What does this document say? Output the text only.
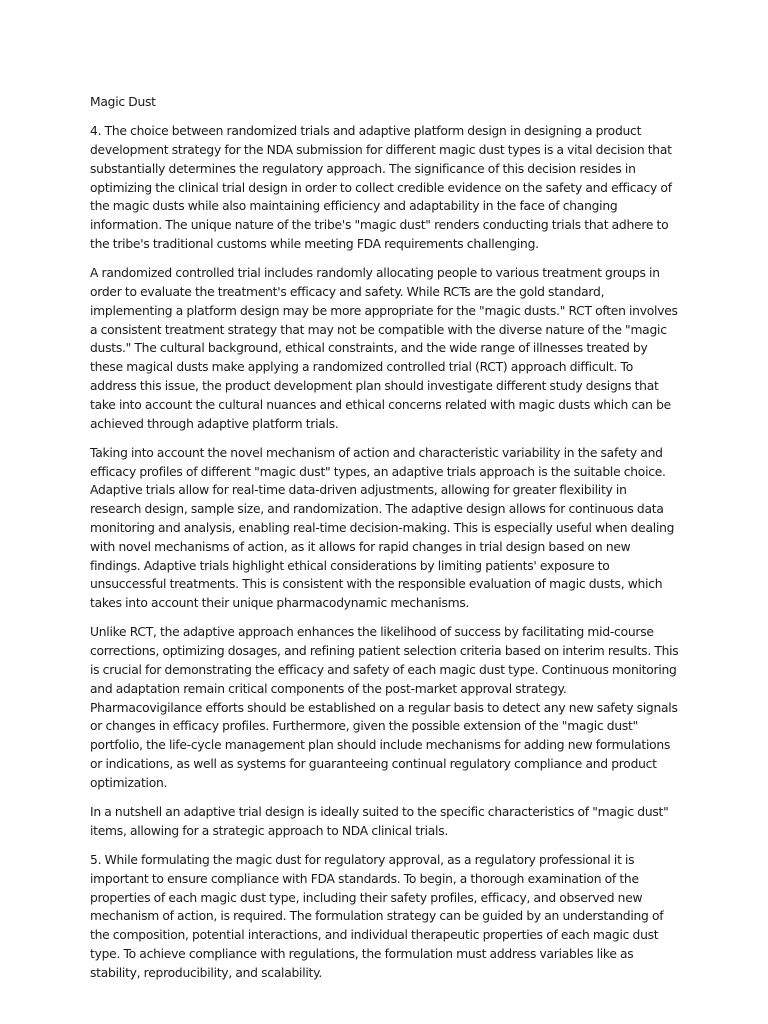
Magic Dust

4. The choice between randomized trials and adaptive platform design in designing a product development strategy for the NDA submission for different magic dust types is a vital decision that substantially determines the regulatory approach. The significance of this decision resides in optimizing the clinical trial design in order to collect credible evidence on the safety and efficacy of the magic dusts while also maintaining efficiency and adaptability in the face of changing information. The unique nature of the tribe's "magic dust" renders conducting trials that adhere to the tribe's traditional customs while meeting FDA requirements challenging.

A randomized controlled trial includes randomly allocating people to various treatment groups in order to evaluate the treatment's efficacy and safety. While RCTs are the gold standard, implementing a platform design may be more appropriate for the "magic dusts." RCT often involves a consistent treatment strategy that may not be compatible with the diverse nature of the "magic dusts." The cultural background, ethical constraints, and the wide range of illnesses treated by these magical dusts make applying a randomized controlled trial (RCT) approach difficult. To address this issue, the product development plan should investigate different study designs that take into account the cultural nuances and ethical concerns related with magic dusts which can be achieved through adaptive platform trials.

Taking into account the novel mechanism of action and characteristic variability in the safety and efficacy profiles of different "magic dust" types, an adaptive trials approach is the suitable choice. Adaptive trials allow for real-time data-driven adjustments, allowing for greater flexibility in research design, sample size, and randomization. The adaptive design allows for continuous data monitoring and analysis, enabling real-time decision-making. This is especially useful when dealing with novel mechanisms of action, as it allows for rapid changes in trial design based on new findings. Adaptive trials highlight ethical considerations by limiting patients' exposure to unsuccessful treatments. This is consistent with the responsible evaluation of magic dusts, which takes into account their unique pharmacodynamic mechanisms.

Unlike RCT, the adaptive approach enhances the likelihood of success by facilitating mid-course corrections, optimizing dosages, and refining patient selection criteria based on interim results. This is crucial for demonstrating the efficacy and safety of each magic dust type. Continuous monitoring and adaptation remain critical components of the post-market approval strategy. Pharmacovigilance efforts should be established on a regular basis to detect any new safety signals or changes in efficacy profiles. Furthermore, given the possible extension of the "magic dust" portfolio, the life-cycle management plan should include mechanisms for adding new formulations or indications, as well as systems for guaranteeing continual regulatory compliance and product optimization.

In a nutshell an adaptive trial design is ideally suited to the specific characteristics of "magic dust" items, allowing for a strategic approach to NDA clinical trials.

5. While formulating the magic dust for regulatory approval, as a regulatory professional it is important to ensure compliance with FDA standards. To begin, a thorough examination of the properties of each magic dust type, including their safety profiles, efficacy, and observed new mechanism of action, is required. The formulation strategy can be guided by an understanding of the composition, potential interactions, and individual therapeutic properties of each magic dust type. To achieve compliance with regulations, the formulation must address variables like as stability, reproducibility, and scalability.
